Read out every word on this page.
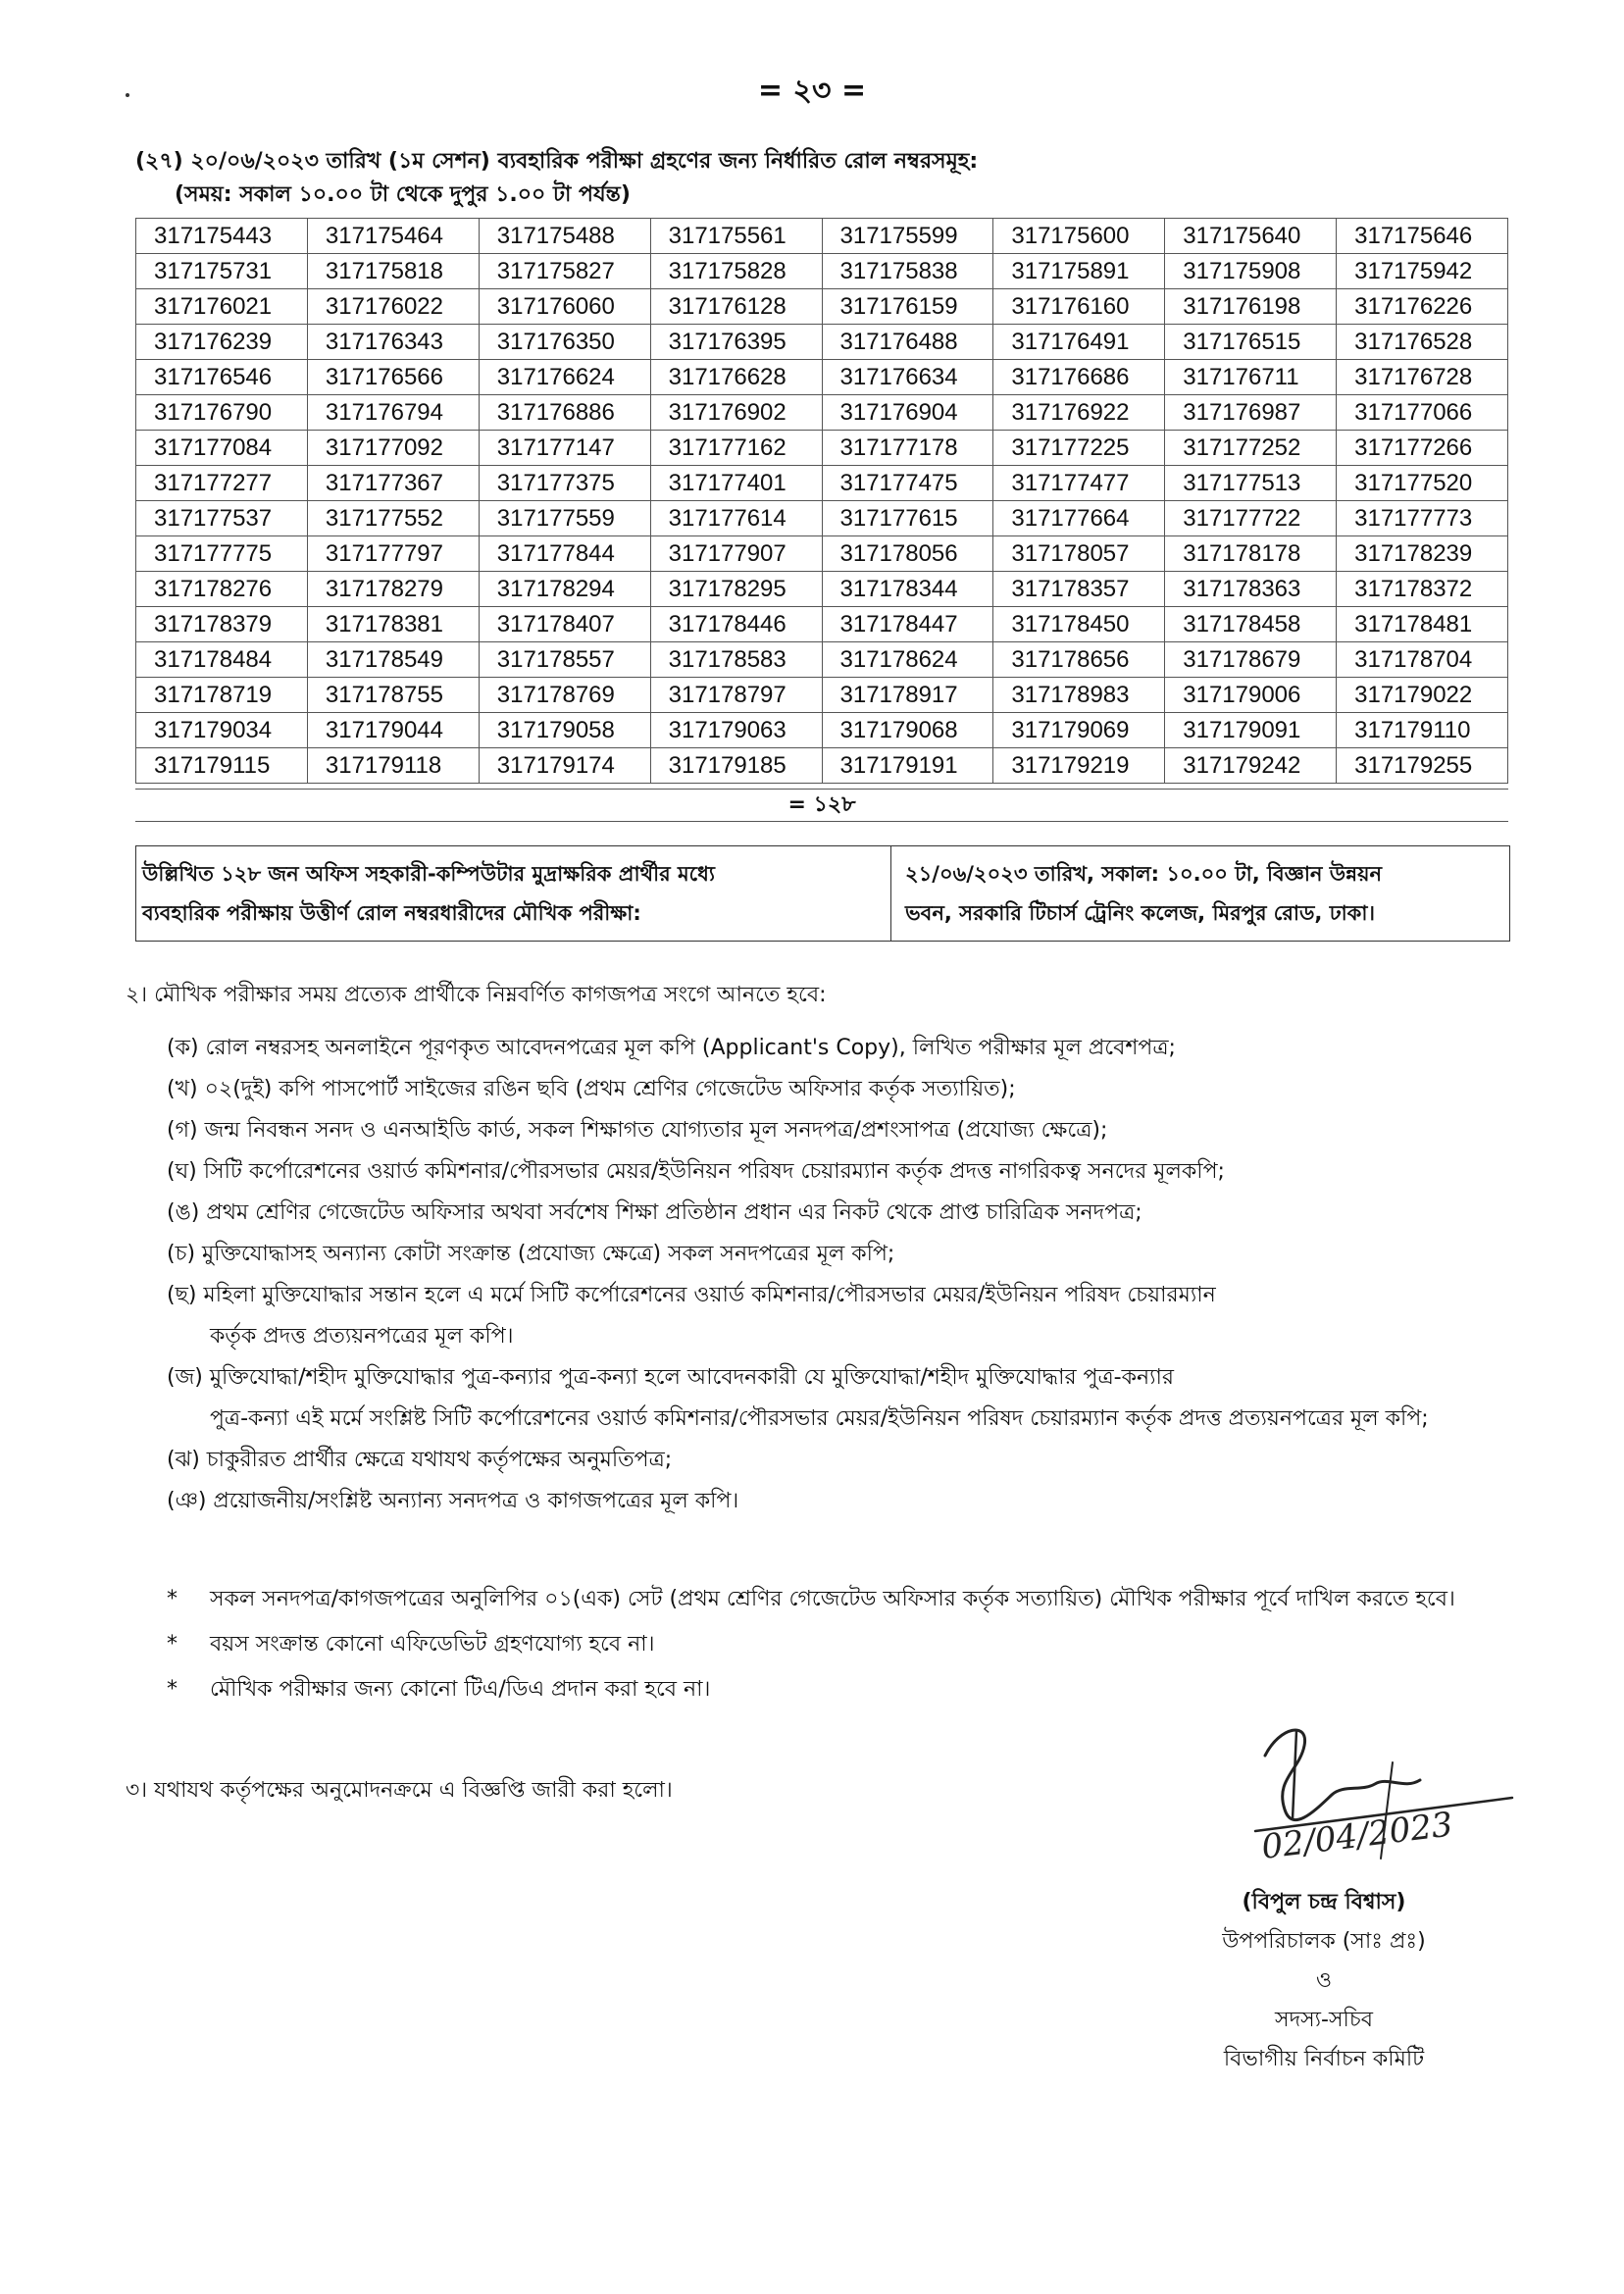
= ২৩ =
(২৭) ২০/০৬/২০২৩ তারিখ (১ম সেশন) ব্যবহারিক পরীক্ষা গ্রহণের জন্য নির্ধারিত রোল নম্বরসমূহ:
(সময়: সকাল ১০.০০ টা থেকে দুপুর ১.০০ টা পর্যন্ত)
317175443	317175464	317175488	317175561	317175599	317175600	317175640	317175646
317175731	317175818	317175827	317175828	317175838	317175891	317175908	317175942
317176021	317176022	317176060	317176128	317176159	317176160	317176198	317176226
317176239	317176343	317176350	317176395	317176488	317176491	317176515	317176528
317176546	317176566	317176624	317176628	317176634	317176686	317176711	317176728
317176790	317176794	317176886	317176902	317176904	317176922	317176987	317177066
317177084	317177092	317177147	317177162	317177178	317177225	317177252	317177266
317177277	317177367	317177375	317177401	317177475	317177477	317177513	317177520
317177537	317177552	317177559	317177614	317177615	317177664	317177722	317177773
317177775	317177797	317177844	317177907	317178056	317178057	317178178	317178239
317178276	317178279	317178294	317178295	317178344	317178357	317178363	317178372
317178379	317178381	317178407	317178446	317178447	317178450	317178458	317178481
317178484	317178549	317178557	317178583	317178624	317178656	317178679	317178704
317178719	317178755	317178769	317178797	317178917	317178983	317179006	317179022
317179034	317179044	317179058	317179063	317179068	317179069	317179091	317179110
317179115	317179118	317179174	317179185	317179191	317179219	317179242	317179255
= ১২৮
উল্লিখিত ১২৮ জন অফিস সহকারী-কম্পিউটার মুদ্রাক্ষরিক প্রার্থীর মধ্যে
ব্যবহারিক পরীক্ষায় উত্তীর্ণ রোল নম্বরধারীদের মৌখিক পরীক্ষা:
২১/০৬/২০২৩ তারিখ, সকাল: ১০.০০ টা, বিজ্ঞান উন্নয়ন
ভবন, সরকারি টিচার্স ট্রেনিং কলেজ, মিরপুর রোড, ঢাকা।
২। মৌখিক পরীক্ষার সময় প্রত্যেক প্রার্থীকে নিম্নবর্ণিত কাগজপত্র সংগে আনতে হবে:
(ক) রোল নম্বরসহ অনলাইনে পূরণকৃত আবেদনপত্রের মূল কপি (Applicant's Copy), লিখিত পরীক্ষার মূল প্রবেশপত্র;
(খ) ০২(দুই) কপি পাসপোর্ট সাইজের রঙিন ছবি (প্রথম শ্রেণির গেজেটেড অফিসার কর্তৃক সত্যায়িত);
(গ) জন্ম নিবন্ধন সনদ ও এনআইডি কার্ড, সকল শিক্ষাগত যোগ্যতার মূল সনদপত্র/প্রশংসাপত্র (প্রযোজ্য ক্ষেত্রে);
(ঘ) সিটি কর্পোরেশনের ওয়ার্ড কমিশনার/পৌরসভার মেয়র/ইউনিয়ন পরিষদ চেয়ারম্যান কর্তৃক প্রদত্ত নাগরিকত্ব সনদের মূলকপি;
(ঙ) প্রথম শ্রেণির গেজেটেড অফিসার অথবা সর্বশেষ শিক্ষা প্রতিষ্ঠান প্রধান এর নিকট থেকে প্রাপ্ত চারিত্রিক সনদপত্র;
(চ) মুক্তিযোদ্ধাসহ অন্যান্য কোটা সংক্রান্ত (প্রযোজ্য ক্ষেত্রে) সকল সনদপত্রের মূল কপি;
(ছ) মহিলা মুক্তিযোদ্ধার সন্তান হলে এ মর্মে সিটি কর্পোরেশনের ওয়ার্ড কমিশনার/পৌরসভার মেয়র/ইউনিয়ন পরিষদ চেয়ারম্যান
কর্তৃক প্রদত্ত প্রত্যয়নপত্রের মূল কপি।
(জ) মুক্তিযোদ্ধা/শহীদ মুক্তিযোদ্ধার পুত্র-কন্যার পুত্র-কন্যা হলে আবেদনকারী যে মুক্তিযোদ্ধা/শহীদ মুক্তিযোদ্ধার পুত্র-কন্যার
পুত্র-কন্যা এই মর্মে সংশ্লিষ্ট সিটি কর্পোরেশনের ওয়ার্ড কমিশনার/পৌরসভার মেয়র/ইউনিয়ন পরিষদ চেয়ারম্যান কর্তৃক প্রদত্ত প্রত্যয়নপত্রের মূল কপি;
(ঝ) চাকুরীরত প্রার্থীর ক্ষেত্রে যথাযথ কর্তৃপক্ষের অনুমতিপত্র;
(ঞ) প্রয়োজনীয়/সংশ্লিষ্ট অন্যান্য সনদপত্র ও কাগজপত্রের মূল কপি।
*	সকল সনদপত্র/কাগজপত্রের অনুলিপির ০১(এক) সেট (প্রথম শ্রেণির গেজেটেড অফিসার কর্তৃক সত্যায়িত) মৌখিক পরীক্ষার পূর্বে দাখিল করতে হবে।
*	বয়স সংক্রান্ত কোনো এফিডেভিট গ্রহণযোগ্য হবে না।
*	মৌখিক পরীক্ষার জন্য কোনো টিএ/ডিএ প্রদান করা হবে না।
৩। যথাযথ কর্তৃপক্ষের অনুমোদনক্রমে এ বিজ্ঞপ্তি জারী করা হলো।
02/04/2023
(বিপুল চন্দ্র বিশ্বাস)
উপপরিচালক (সাঃ প্রঃ)
ও
সদস্য-সচিব
বিভাগীয় নির্বাচন কমিটি
